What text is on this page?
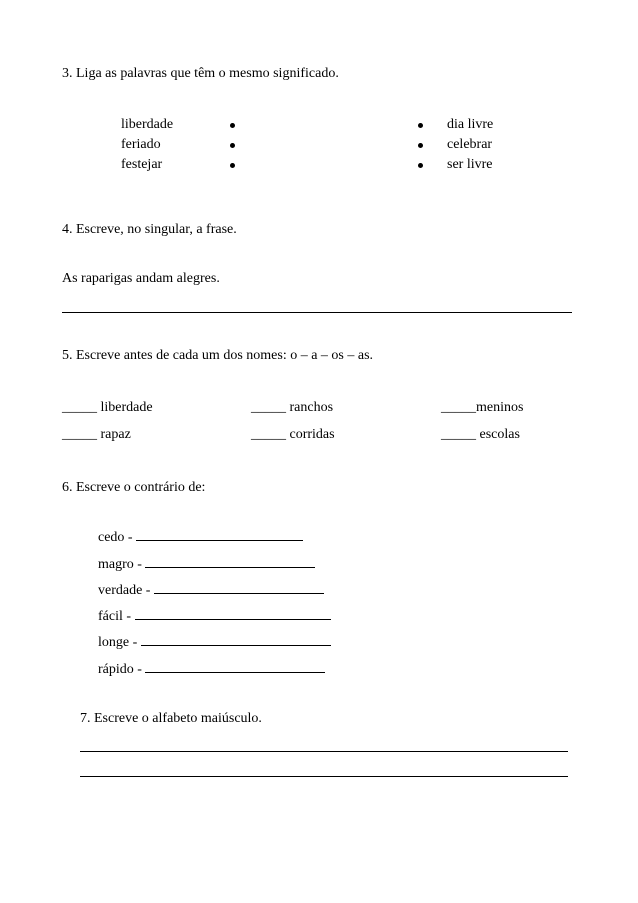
3. Liga as palavras que têm o mesmo significado.
liberdade
feriado
festejar
dia livre
celebrar
ser livre
4. Escreve, no singular, a frase.
As raparigas andam alegres.
5. Escreve antes de cada um dos nomes: o – a – os – as.
_____ liberdade	_____ ranchos	_____meninos
_____ rapaz	_____ corridas	_____ escolas
6. Escreve o contrário de:
cedo -
magro -
verdade -
fácil -
longe -
rápido -
7. Escreve o alfabeto maiúsculo.
